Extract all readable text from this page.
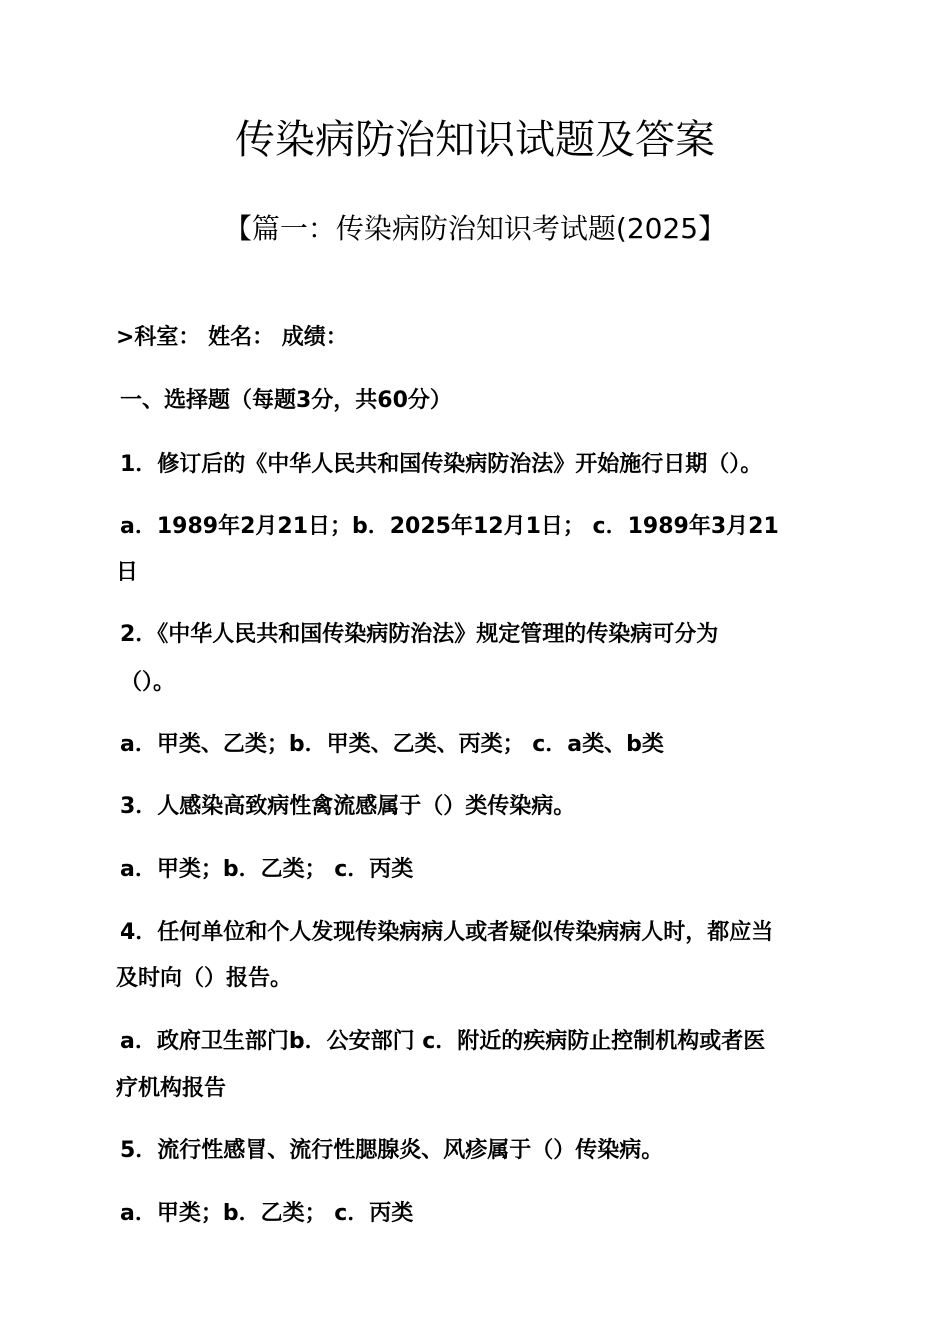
传染病防治知识试题及答案
【篇一：传染病防治知识考试题(2025】
>科室： 姓名： 成绩：
一、选择题（每题3分，共60分）
1．修订后的《中华人民共和国传染病防治法》开始施行日期（）。
a．1989年2月21日；b．2025年12月1日； c．1989年3月21
日
2．《中华人民共和国传染病防治法》规定管理的传染病可分为
（）。
a．甲类、乙类；b．甲类、乙类、丙类； c．a类、b类
3．人感染高致病性禽流感属于（）类传染病。
a．甲类；b．乙类； c．丙类
4．任何单位和个人发现传染病病人或者疑似传染病病人时，都应当
及时向（）报告。
a．政府卫生部门b．公安部门 c．附近的疾病防止控制机构或者医
疗机构报告
5．流行性感冒、流行性腮腺炎、风疹属于（）传染病。
a．甲类；b．乙类； c．丙类
